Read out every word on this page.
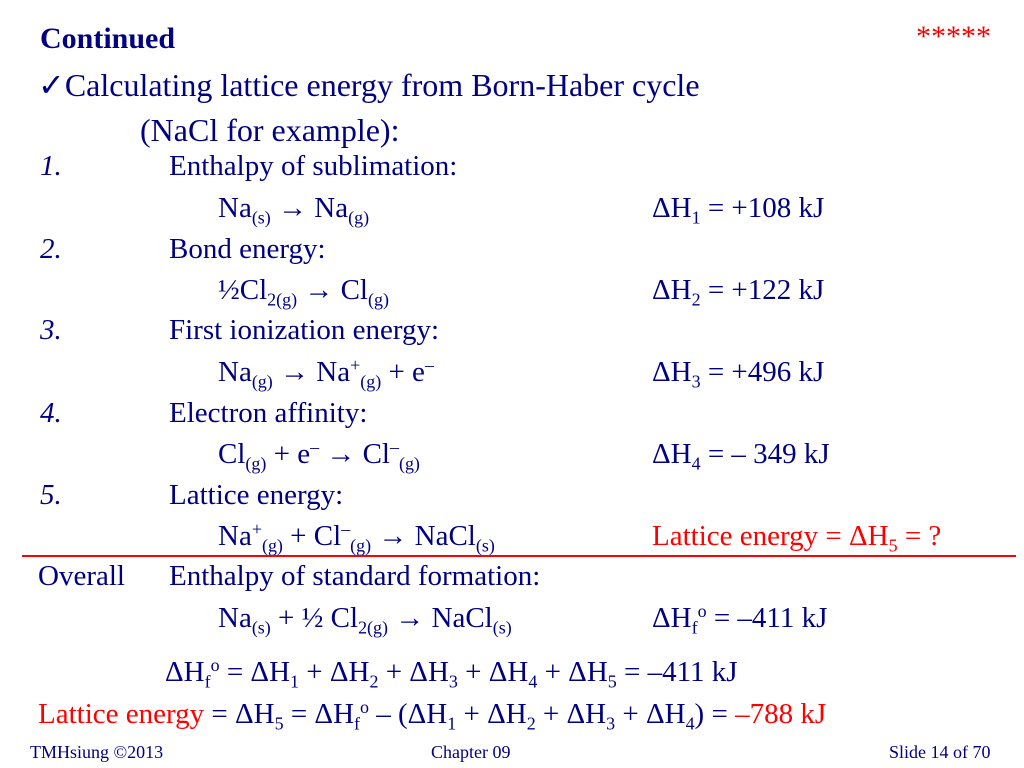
Continued	*****
✓Calculating lattice energy from Born-Haber cycle
(NaCl for example):
1.	Enthalpy of sublimation:
$Na_{(s)} \to Na_{(g)}$	$\Delta H_1 = +108$ kJ
2.	Bond energy:
$\frac{1}{2}Cl_{2(g)} \to Cl_{(g)}$	$\Delta H_2 = +122$ kJ
3.	First ionization energy:
$Na_{(g)} \to Na^+_{(g)} + e^-$	$\Delta H_3 = +496$ kJ
4.	Electron affinity:
$Cl_{(g)} + e^- \to Cl^-_{(g)}$	$\Delta H_4$ = – 349 kJ
5.	Lattice energy:
$Na^+_{(g)} + Cl^-_{(g)}$ → NaCl$_{(s)}$	Lattice energy = $\Delta H_5$ = ?
Overall Enthalpy of standard formation:
$Na_{(s)}$ + ½ $Cl_{2(g)}$ → NaCl$_{(s)}$	$\Delta H_f^o = -411$ kJ
$\Delta H_f^o = \Delta H_1 + \Delta H_2 + \Delta H_3 + \Delta H_4 + \Delta H_5 = -411$ kJ
Lattice energy = $\Delta H_5 = \Delta H_f^o - (\Delta H_1 + \Delta H_2 + \Delta H_3 + \Delta H_4) = -788$ kJ
TMHsiung ©2013	Chapter 09	Slide 14 of 70
